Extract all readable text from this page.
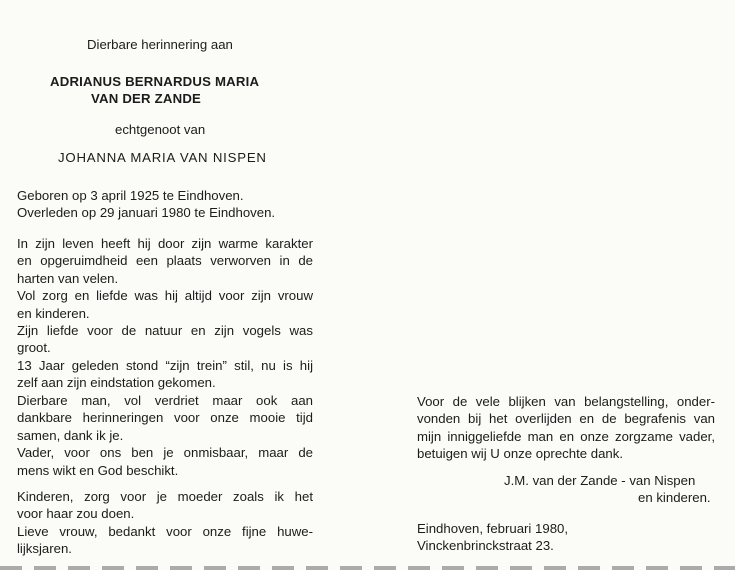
Dierbare herinnering aan
ADRIANUS BERNARDUS MARIA
VAN DER ZANDE
echtgenoot van
JOHANNA MARIA VAN NISPEN
Geboren op 3 april 1925 te Eindhoven.
Overleden op 29 januari 1980 te Eindhoven.
In zijn leven heeft hij door zijn warme karakter
en opgeruimdheid een plaats verworven in de
harten van velen.
Vol zorg en liefde was hij altijd voor zijn vrouw
en kinderen.
Zijn liefde voor de natuur en zijn vogels was
groot.
13 Jaar geleden stond “zijn trein” stil, nu is hij
zelf aan zijn eindstation gekomen.
Dierbare man, vol verdriet maar ook aan
dankbare herinneringen voor onze mooie tijd
samen, dank ik je.
Vader, voor ons ben je onmisbaar, maar de
mens wikt en God beschikt.
Kinderen, zorg voor je moeder zoals ik het
voor haar zou doen.
Lieve vrouw, bedankt voor onze fijne huwe-
lijksjaren.
Voor de vele blijken van belangstelling, onder-
vonden bij het overlijden en de begrafenis van
mijn inniggeliefde man en onze zorgzame vader,
betuigen wij U onze oprechte dank.
J.M. van der Zande - van Nispen
en kinderen.
Eindhoven, februari 1980,
Vinckenbrinckstraat 23.
